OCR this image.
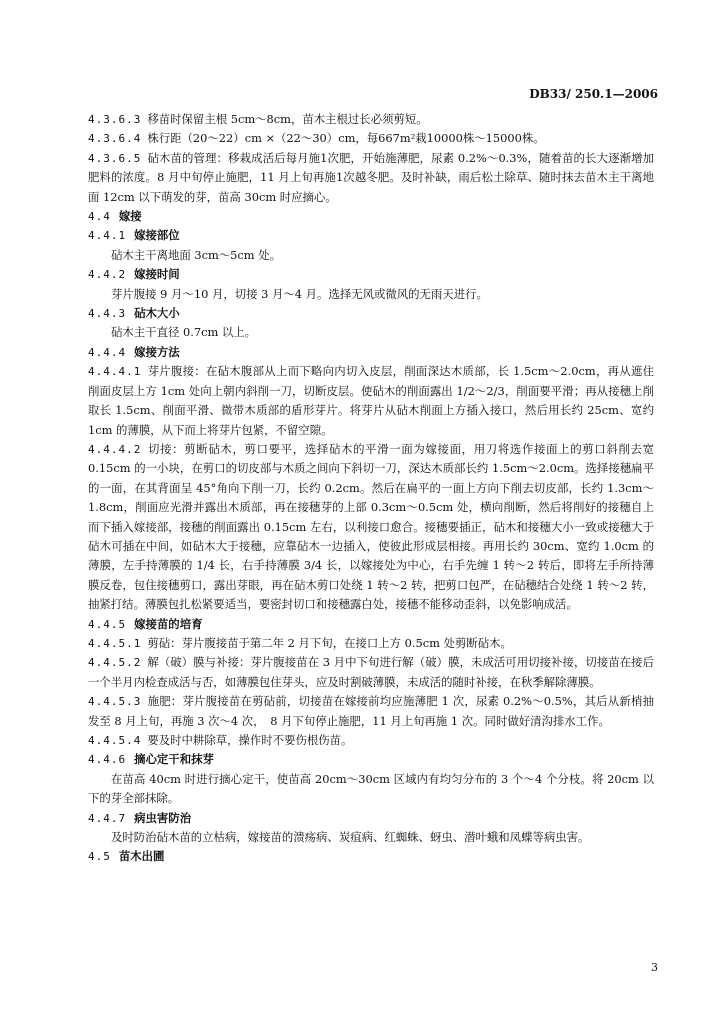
DB33/ 250.1—2006

4.3.6.3 移苗时保留主根 5cm～8cm，苗木主根过长必须剪短。

4.3.6.4 株行距（20～22）cm ×（22～30）cm，每667m²栽10000株～15000株。

4.3.6.5 砧木苗的管理：移栽成活后每月施1次肥，开始施薄肥，尿素 0.2%～0.3%，随着苗的长大逐渐增加肥料的浓度。8 月中旬停止施肥，11 月上旬再施1次越冬肥。及时补缺，雨后松土除草、随时抹去苗木主干离地面 12cm 以下萌发的芽，苗高 30cm 时应摘心。

4.4 嫁接

4.4.1 嫁接部位

砧木主干离地面 3cm～5cm 处。

4.4.2 嫁接时间

芽片腹接 9 月～10 月，切接 3 月～4 月。选择无风或微风的无雨天进行。

4.4.3 砧木大小

砧木主干直径 0.7cm 以上。

4.4.4 嫁接方法

4.4.4.1 芽片腹接：在砧木腹部从上而下略向内切入皮层，削面深达木质部，长 1.5cm～2.0cm，再从遮住削面皮层上方 1cm 处向上朝内斜削一刀，切断皮层。使砧木的削面露出 1/2～2/3，削面要平滑；再从接穗上削取长 1.5cm、削面平滑、微带木质部的盾形芽片。将芽片从砧木削面上方插入接口，然后用长约 25cm、宽约 1cm 的薄膜，从下而上将芽片包紧，不留空隙。

4.4.4.2 切接：剪断砧木，剪口要平，选择砧木的平滑一面为嫁接面，用刀将选作接面上的剪口斜削去宽 0.15cm 的一小块，在剪口的切皮部与木质之间向下斜切一刀，深达木质部长约 1.5cm～2.0cm。选择接穗扁平的一面，在其背面呈 45°角向下削一刀，长约 0.2cm。然后在扁平的一面上方向下削去切皮部，长约 1.3cm～1.8cm，削面应光滑并露出木质部，再在接穗芽的上部 0.3cm～0.5cm 处，横向削断，然后将削好的接穗自上而下插入嫁接部，接穗的削面露出 0.15cm 左右，以利接口愈合。接穗要插正，砧木和接穗大小一致或接穗大于砧木可插在中间，如砧木大于接穗，应靠砧木一边插入，使彼此形成层相接。再用长约 30cm、宽约 1.0cm 的薄膜，左手持薄膜的 1/4 长，右手持薄膜 3/4 长，以嫁接处为中心，右手先缠 1 转～2 转后，即将左手所持薄膜反卷，包住接穗剪口，露出芽眼，再在砧木剪口处绕 1 转～2 转，把剪口包严，在砧穗结合处绕 1 转～2 转，抽紧打结。薄膜包扎松紧要适当，要密封切口和接穗露白处，接穗不能移动歪斜，以免影响成活。

4.4.5 嫁接苗的培育

4.4.5.1 剪砧：芽片腹接苗于第二年 2 月下旬，在接口上方 0.5cm 处剪断砧木。

4.4.5.2 解（破）膜与补接：芽片腹接苗在 3 月中下旬进行解（破）膜，未成活可用切接补接，切接苗在接后一个半月内检查成活与否，如薄膜包住芽头，应及时割破薄膜，未成活的随时补接，在秋季解除薄膜。

4.4.5.3 施肥：芽片腹接苗在剪砧前，切接苗在嫁接前均应施薄肥 1 次，尿素 0.2%～0.5%，其后从新梢抽发至 8 月上旬，再施 3 次～4 次，　8 月下旬停止施肥，11 月上旬再施 1 次。同时做好清沟排水工作。

4.4.5.4 要及时中耕除草，操作时不要伤根伤苗。

4.4.6 摘心定干和抹芽

在苗高 40cm 时进行摘心定干，使苗高 20cm～30cm 区域内有均匀分布的 3 个～4 个分枝。将 20cm 以下的芽全部抹除。

4.4.7 病虫害防治

及时防治砧木苗的立枯病，嫁接苗的溃疡病、炭疽病、红蜘蛛、蚜虫、潜叶蛾和凤蝶等病虫害。

4.5 苗木出圃

3
